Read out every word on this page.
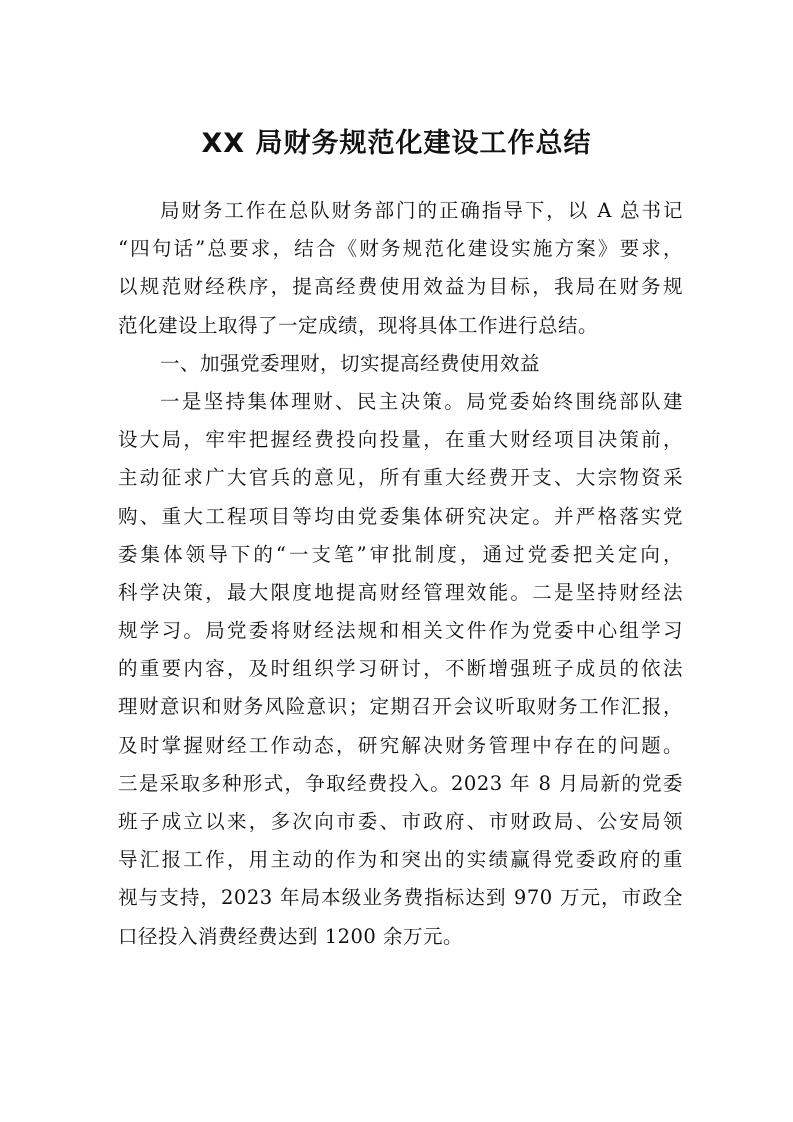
XX 局财务规范化建设工作总结
局财务工作在总队财务部门的正确指导下，以 A 总书记
“四句话”总要求，结合《财务规范化建设实施方案》要求，
以规范财经秩序，提高经费使用效益为目标，我局在财务规
范化建设上取得了一定成绩，现将具体工作进行总结。
一、加强党委理财，切实提高经费使用效益
一是坚持集体理财、民主决策。局党委始终围绕部队建
设大局，牢牢把握经费投向投量，在重大财经项目决策前，
主动征求广大官兵的意见，所有重大经费开支、大宗物资采
购、重大工程项目等均由党委集体研究决定。并严格落实党
委集体领导下的“一支笔”审批制度，通过党委把关定向，
科学决策，最大限度地提高财经管理效能。二是坚持财经法
规学习。局党委将财经法规和相关文件作为党委中心组学习
的重要内容，及时组织学习研讨，不断增强班子成员的依法
理财意识和财务风险意识；定期召开会议听取财务工作汇报，
及时掌握财经工作动态，研究解决财务管理中存在的问题。
三是采取多种形式，争取经费投入。2023 年 8 月局新的党委
班子成立以来，多次向市委、市政府、市财政局、公安局领
导汇报工作，用主动的作为和突出的实绩赢得党委政府的重
视与支持，2023 年局本级业务费指标达到 970 万元，市政全
口径投入消费经费达到 1200 余万元。
